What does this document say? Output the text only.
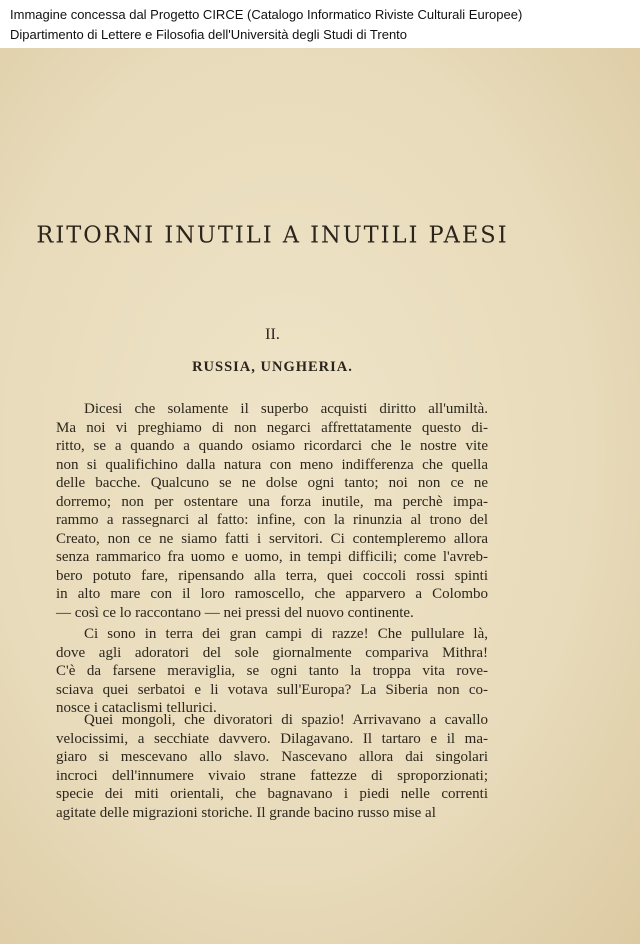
Immagine concessa dal Progetto CIRCE (Catalogo Informatico Riviste Culturali Europee)
Dipartimento di Lettere e Filosofia dell'Università degli Studi di Trento
RITORNI INUTILI A INUTILI PAESI
II.
RUSSIA, UNGHERIA.
Dicesi che solamente il superbo acquisti diritto all'umiltà.
Ma noi vi preghiamo di non negarci affrettatamente questo di-
ritto, se a quando a quando osiamo ricordarci che le nostre vite
non si qualifichino dalla natura con meno indifferenza che quella
delle bacche. Qualcuno se ne dolse ogni tanto; noi non ce ne
dorremo; non per ostentare una forza inutile, ma perchè impa-
rammo a rassegnarci al fatto: infine, con la rinunzia al trono del
Creato, non ce ne siamo fatti i servitori. Ci contempleremo allora
senza rammarico fra uomo e uomo, in tempi difficili; come l'avreb-
bero potuto fare, ripensando alla terra, quei coccoli rossi spinti
in alto mare con il loro ramoscello, che apparvero a Colombo
— così ce lo raccontano — nei pressi del nuovo continente.
Ci sono in terra dei gran campi di razze! Che pullulare là,
dove agli adoratori del sole giornalmente compariva Mithra!
C'è da farsene meraviglia, se ogni tanto la troppa vita rove-
sciava quei serbatoi e li votava sull'Europa? La Siberia non co-
nosce i cataclismi tellurici.
Quei mongoli, che divoratori di spazio! Arrivavano a cavallo
velocissimi, a secchiate davvero. Dilagavano. Il tartaro e il ma-
giaro si mescevano allo slavo. Nascevano allora dai singolari
incroci dell'innumere vivaio strane fattezze di sproporzionati;
specie dei miti orientali, che bagnavano i piedi nelle correnti
agitate delle migrazioni storiche. Il grande bacino russo mise al
